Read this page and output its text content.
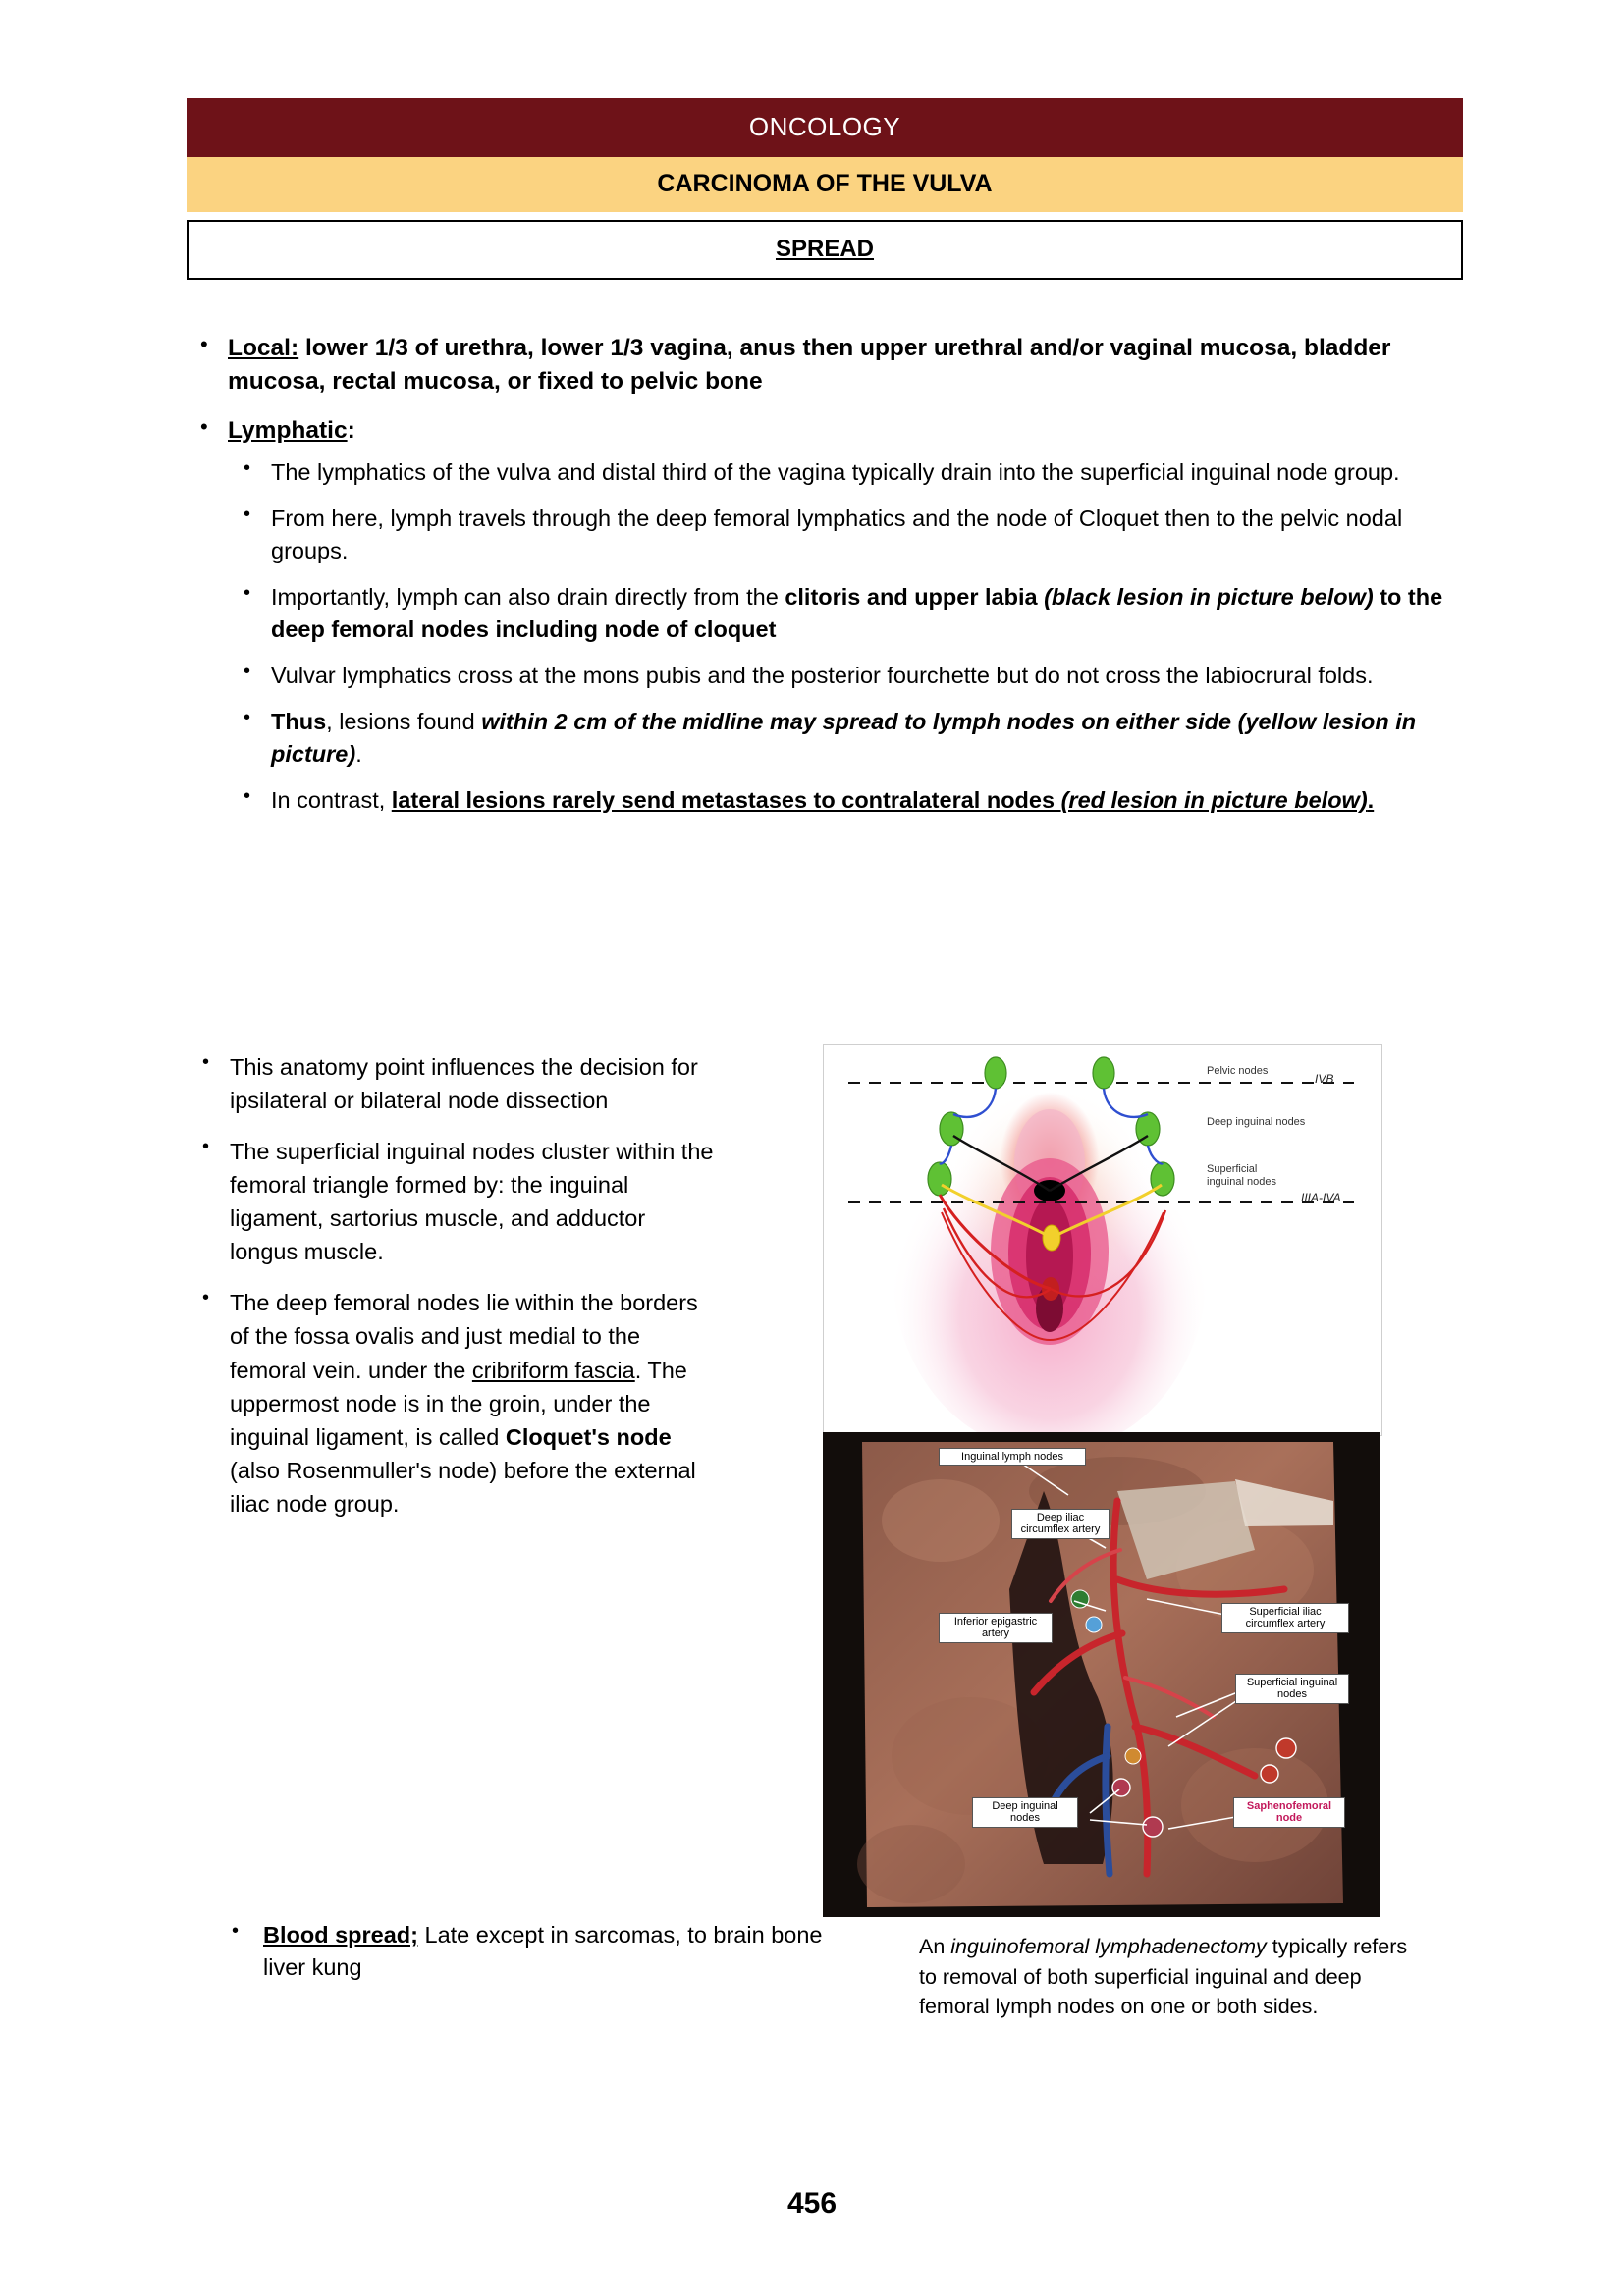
ONCOLOGY
CARCINOMA OF THE VULVA
SPREAD
• Local: lower 1/3 of urethra, lower 1/3 vagina, anus then upper urethral and/or vaginal mucosa, bladder mucosa, rectal mucosa, or fixed to pelvic bone
• Lymphatic:
• The lymphatics of the vulva and distal third of the vagina typically drain into the superficial inguinal node group.
• From here, lymph travels through the deep femoral lymphatics and the node of Cloquet then to the pelvic nodal groups.
• Importantly, lymph can also drain directly from the clitoris and upper labia (black lesion in picture below) to the deep femoral nodes including node of cloquet
• Vulvar lymphatics cross at the mons pubis and the posterior fourchette but do not cross the labiocrural folds.
• Thus, lesions found within 2 cm of the midline may spread to lymph nodes on either side (yellow lesion in picture).
• In contrast, lateral lesions rarely send metastases to contralateral nodes (red lesion in picture below).
• This anatomy point influences the decision for ipsilateral or bilateral node dissection
• The superficial inguinal nodes cluster within the femoral triangle formed by: the inguinal ligament, sartorius muscle, and adductor longus muscle.
• The deep femoral nodes lie within the borders of the fossa ovalis and just medial to the femoral vein. under the cribriform fascia. The uppermost node is in the groin, under the inguinal ligament, is called Cloquet's node (also Rosenmuller's node) before the external iliac node group.
• Blood spread; Late except in sarcomas, to brain bone liver kung
Pelvic nodes
Deep inguinal nodes
Superficial inguinal nodes
IVB
IIIA-IVA
Inguinal lymph nodes
Deep iliac circumflex artery
Superficial iliac circumflex artery
Inferior epigastric artery
Superficial inguinal nodes
Deep inguinal nodes
Saphenofemoral node
An inguinofemoral lymphadenectomy typically refers to removal of both superficial inguinal and deep femoral lymph nodes on one or both sides.
456
